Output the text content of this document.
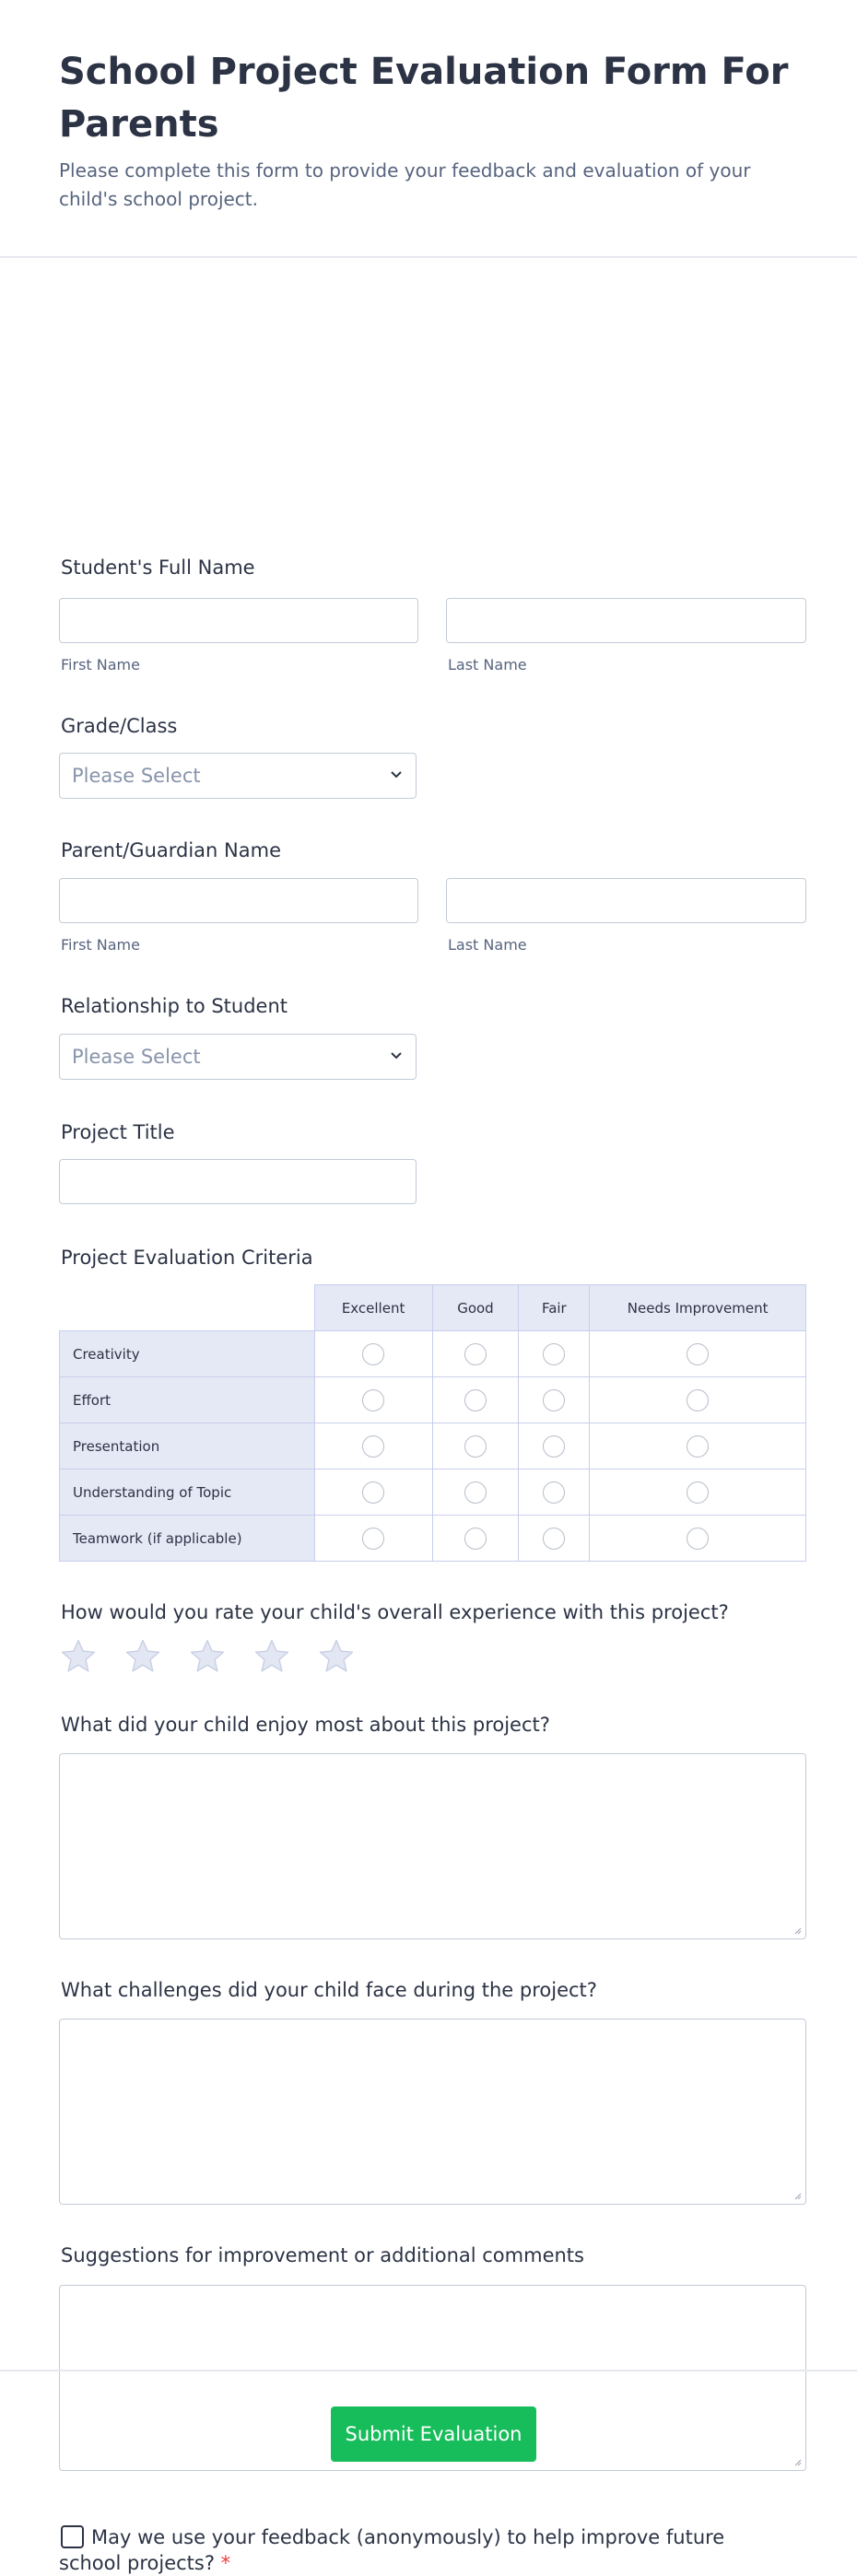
School Project Evaluation Form For Parents

Please complete this form to provide your feedback and evaluation of your child's school project.

Student's Full Name
First Name	Last Name
Grade/Class
Please Select
Parent/Guardian Name
First Name	Last Name
Relationship to Student
Please Select
Project Title
Project Evaluation Criteria
	Excellent	Good	Fair	Needs Improvement
Creativity				
Effort				
Presentation				
Understanding of Topic				
Teamwork (if applicable)				
How would you rate your child's overall experience with this project?
What did your child enjoy most about this project?
What challenges did your child face during the project?
Suggestions for improvement or additional comments
May we use your feedback (anonymously) to help improve future school projects? *
Submit Evaluation
